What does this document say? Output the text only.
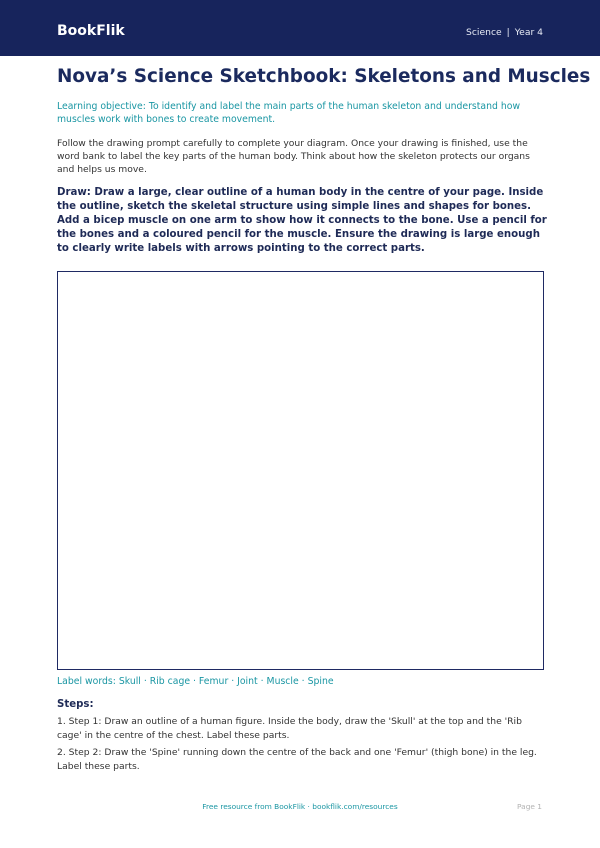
BookFlik	Science | Year 4
Nova’s Science Sketchbook: Skeletons and Muscles
Learning objective: To identify and label the main parts of the human skeleton and understand how muscles work with bones to create movement.
Follow the drawing prompt carefully to complete your diagram. Once your drawing is finished, use the word bank to label the key parts of the human body. Think about how the skeleton protects our organs and helps us move.
Draw: Draw a large, clear outline of a human body in the centre of your page. Inside the outline, sketch the skeletal structure using simple lines and shapes for bones. Add a bicep muscle on one arm to show how it connects to the bone. Use a pencil for the bones and a coloured pencil for the muscle. Ensure the drawing is large enough to clearly write labels with arrows pointing to the correct parts.
Label words: Skull · Rib cage · Femur · Joint · Muscle · Spine
Steps:
1. Step 1: Draw an outline of a human figure. Inside the body, draw the 'Skull' at the top and the 'Rib cage' in the centre of the chest. Label these parts.
2. Step 2: Draw the 'Spine' running down the centre of the back and one 'Femur' (thigh bone) in the leg. Label these parts.
Free resource from BookFlik · bookflik.com/resources	Page 1
